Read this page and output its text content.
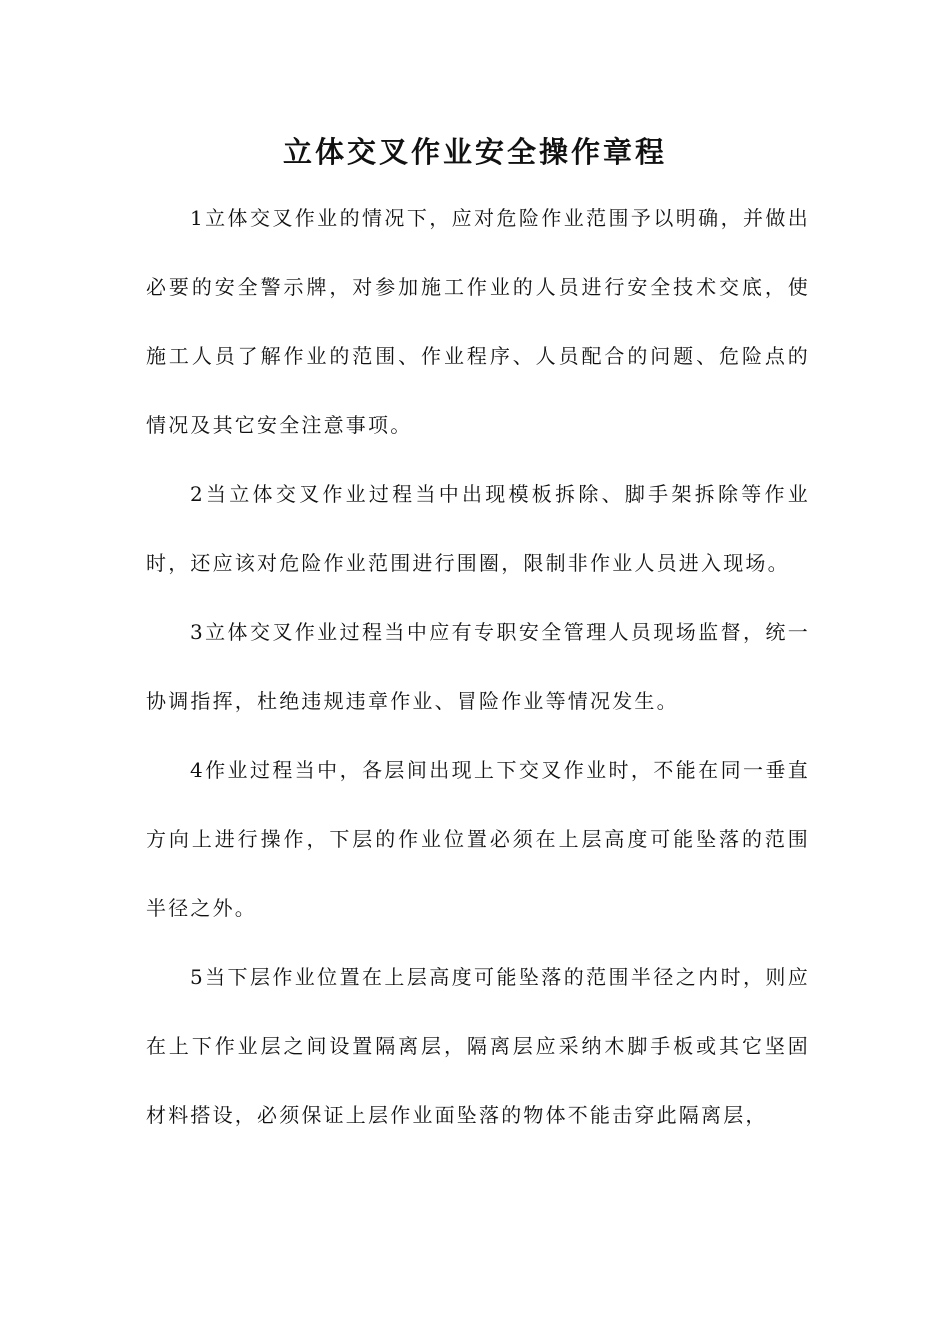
立体交叉作业安全操作章程

1立体交叉作业的情况下，应对危险作业范围予以明确，并做出必要的安全警示牌，对参加施工作业的人员进行安全技术交底，使施工人员了解作业的范围、作业程序、人员配合的问题、危险点的情况及其它安全注意事项。

2当立体交叉作业过程当中出现模板拆除、脚手架拆除等作业时，还应该对危险作业范围进行围圈，限制非作业人员进入现场。

3立体交叉作业过程当中应有专职安全管理人员现场监督，统一协调指挥，杜绝违规违章作业、冒险作业等情况发生。

4作业过程当中，各层间出现上下交叉作业时，不能在同一垂直方向上进行操作，下层的作业位置必须在上层高度可能坠落的范围半径之外。

5当下层作业位置在上层高度可能坠落的范围半径之内时，则应在上下作业层之间设置隔离层，隔离层应采纳木脚手板或其它坚固材料搭设，必须保证上层作业面坠落的物体不能击穿此隔离层，
